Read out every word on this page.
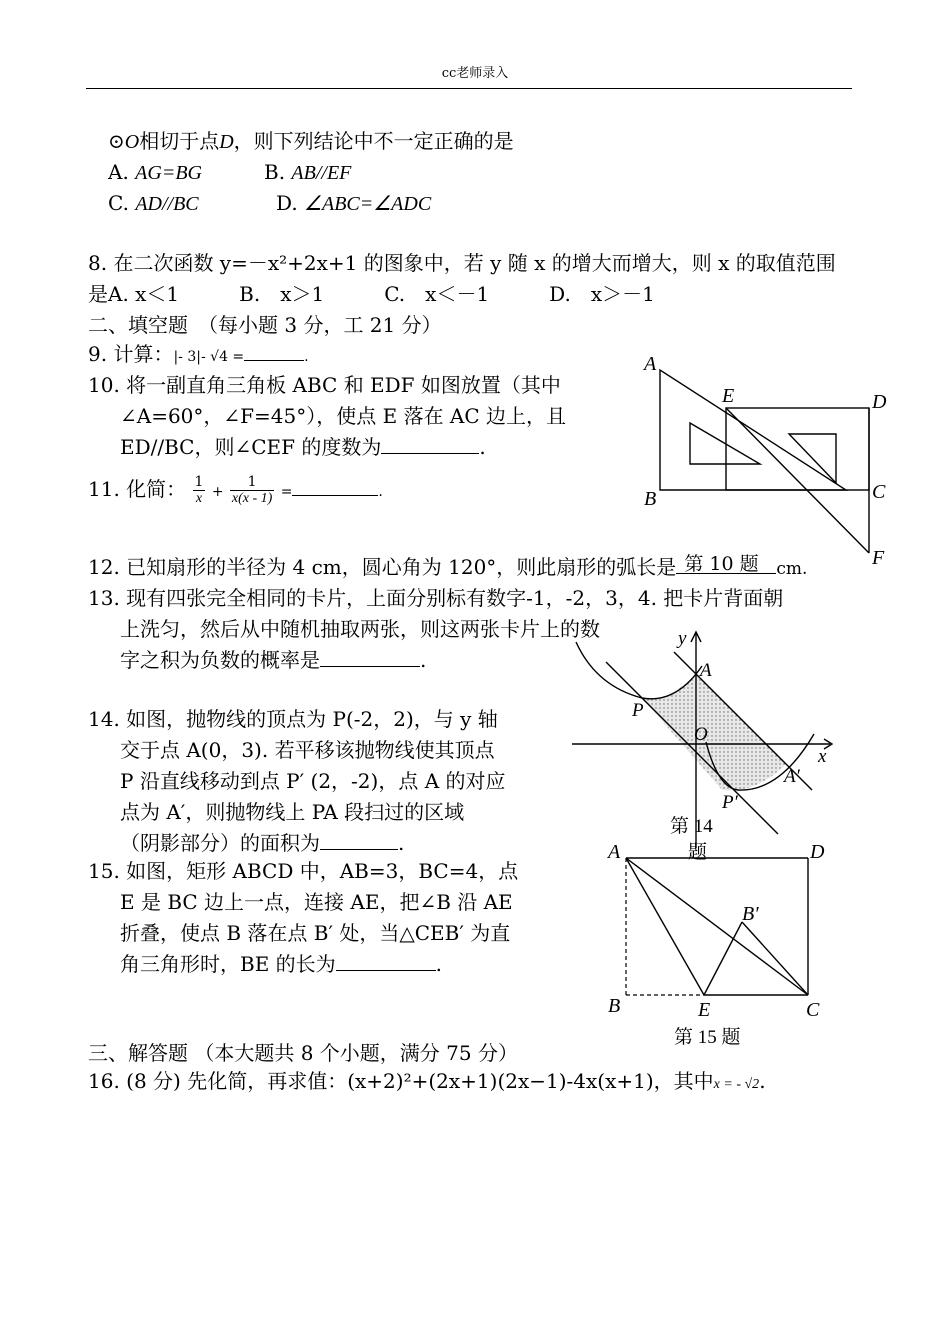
cc老师录入
⊙O相切于点D，则下列结论中不一定正确的是
A. AG=BG	B. AB//EF
C. AD//BC	D. ∠ABC=∠ADC
8. 在二次函数 y=－x²+2x+1 的图象中，若 y 随 x 的增大而增大，则 x 的取值范围
是A. x＜1　　　B.　x＞1　　　C.　x＜－1　　　D.　x＞－1
二、填空题　（每小题 3 分，工 21 分）
9. 计算：|- 3|- √4 =	.
10. 将一副直角三角板 ABC 和 EDF 如图放置（其中
∠A=60°，∠F=45°），使点 E 落在 AC 边上，且
ED//BC，则∠CEF 的度数为	.
11. 化简： $\frac{1}{x} + \frac{1}{x(x - 1)}$ =	.
12. 已知扇形的半径为 4 cm，圆心角为 120°，则此扇形的弧长是 第 10 题 cm.
13. 现有四张完全相同的卡片，上面分别标有数字-1，-2，3，4. 把卡片背面朝
上洗匀，然后从中随机抽取两张，则这两张卡片上的数
字之积为负数的概率是	.
14. 如图，抛物线的顶点为 P(-2，2)，与 y 轴
交于点 A(0，3). 若平移该抛物线使其顶点
P 沿直线移动到点 P′ (2，-2)，点 A 的对应
点为 A′，则抛物线上 PA 段扫过的区域
（阴影部分）的面积为	.
15. 如图，矩形 ABCD 中，AB=3，BC=4，点
E 是 BC 边上一点，连接 AE，把∠B 沿 AE
折叠，使点 B 落在点 B′ 处，当△CEB′ 为直
角三角形时，BE 的长为	.
三、解答题 （本大题共 8 个小题，满分 75 分）
16. (8 分) 先化简，再求值：(x+2)²+(2x+1)(2x−1)-4x(x+1)，其中x = - √2.
A
E	D
B	C
F
y
A
P
O
x
A′
P′
第 14
题
A	D
B′
B	E	C
第 15 题
